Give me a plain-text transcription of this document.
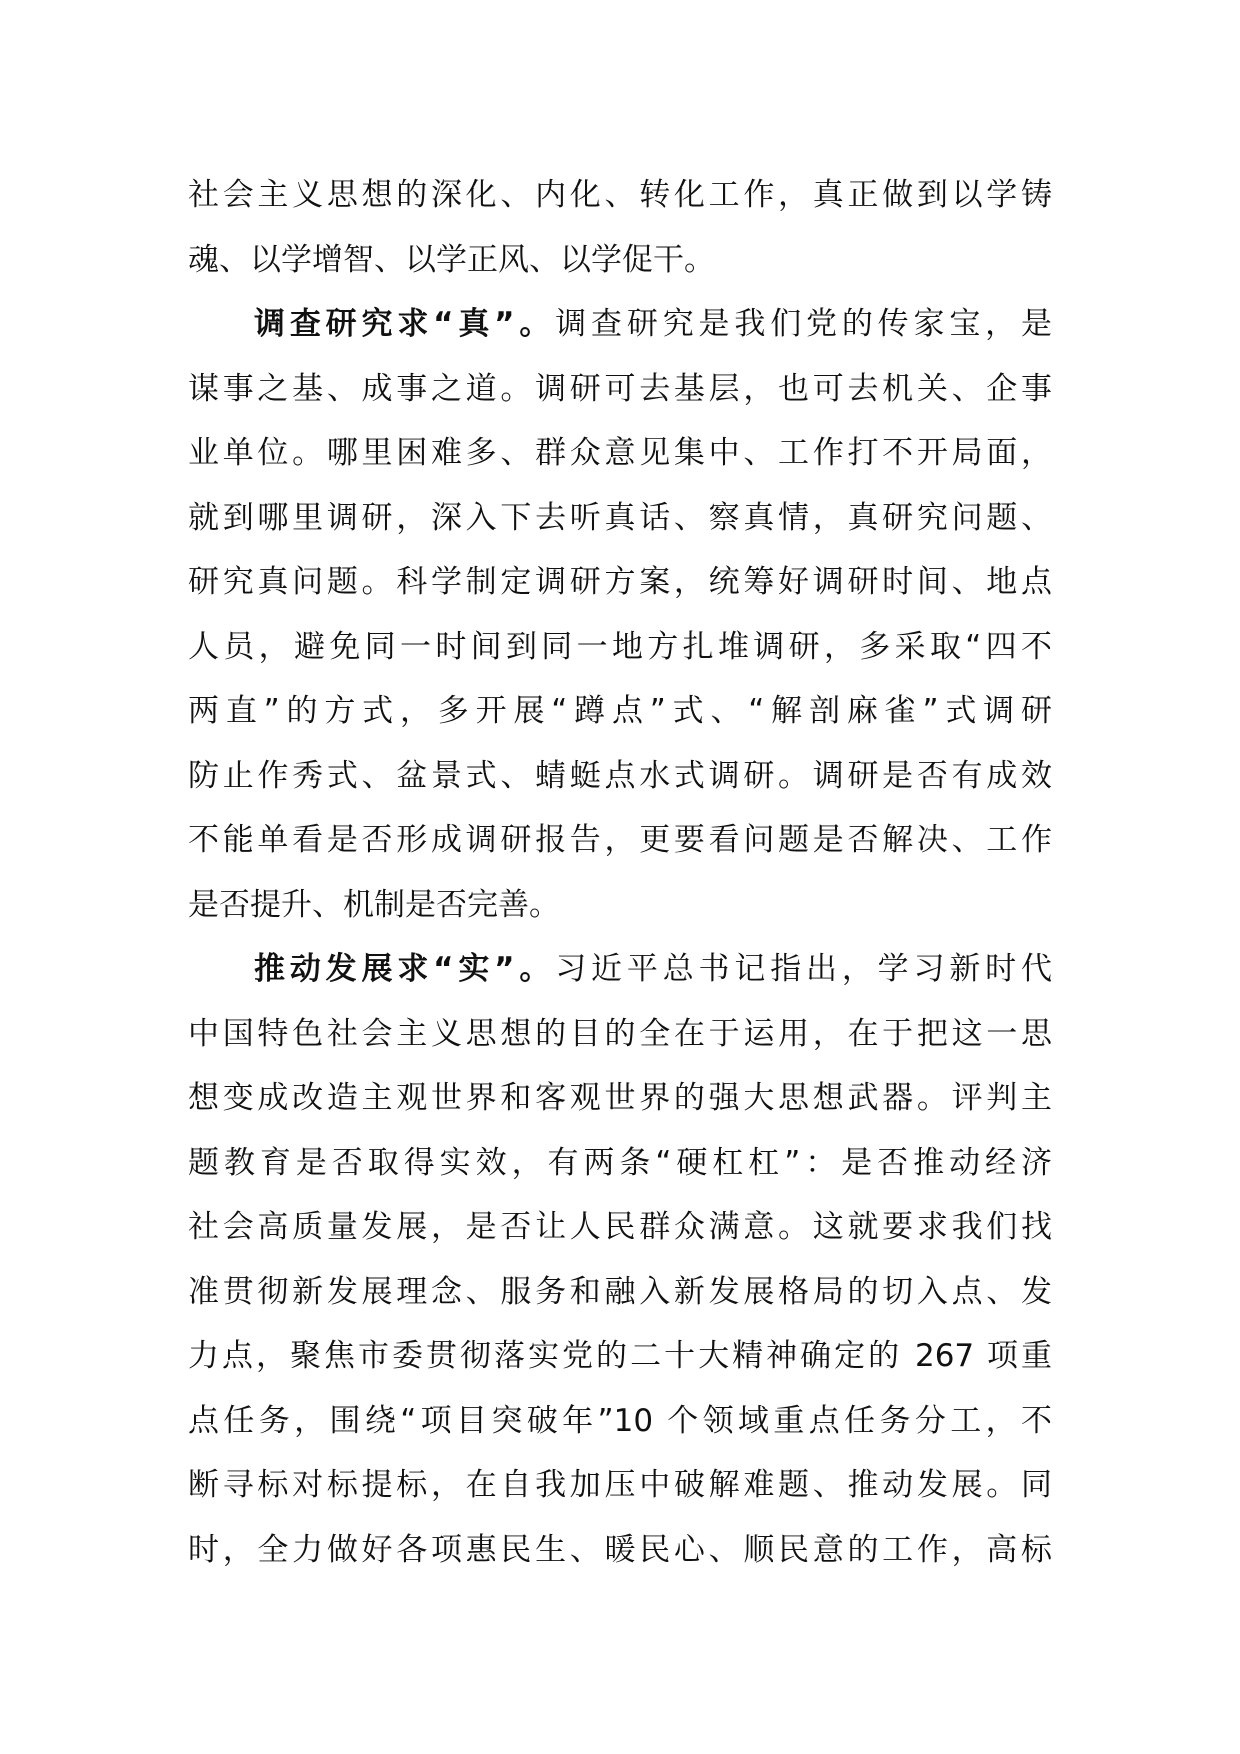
社会主义思想的深化、内化、转化工作，真正做到以学铸
魂、以学增智、以学正风、以学促干。
调查研究求“真”。调查研究是我们党的传家宝，是
谋事之基、成事之道。调研可去基层，也可去机关、企事
业单位。哪里困难多、群众意见集中、工作打不开局面，
就到哪里调研，深入下去听真话、察真情，真研究问题、
研究真问题。科学制定调研方案，统筹好调研时间、地点
人员，避免同一时间到同一地方扎堆调研，多采取“四不
两直”的方式，多开展“蹲点”式、“解剖麻雀”式调研
防止作秀式、盆景式、蜻蜓点水式调研。调研是否有成效
不能单看是否形成调研报告，更要看问题是否解决、工作
是否提升、机制是否完善。
推动发展求“实”。习近平总书记指出，学习新时代
中国特色社会主义思想的目的全在于运用，在于把这一思
想变成改造主观世界和客观世界的强大思想武器。评判主
题教育是否取得实效，有两条“硬杠杠”：是否推动经济
社会高质量发展，是否让人民群众满意。这就要求我们找
准贯彻新发展理念、服务和融入新发展格局的切入点、发
力点，聚焦市委贯彻落实党的二十大精神确定的 267 项重
点任务，围绕“项目突破年”10 个领域重点任务分工，不
断寻标对标提标，在自我加压中破解难题、推动发展。同
时，全力做好各项惠民生、暖民心、顺民意的工作，高标
